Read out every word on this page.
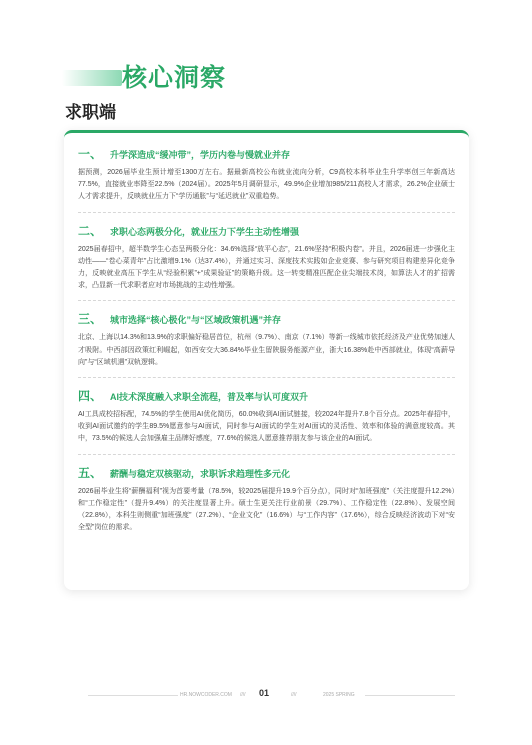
核心洞察
求职端
一、 升学深造成“缓冲带”，学历内卷与慢就业并存
据预测，2026届毕业生预计增至1300万左右。据最新高校公布就业流向分析，C9高校本科毕业生升学率创三年新高达77.5%，直接就业率降至22.5%（2024届）。2025年5月调研显示，49.9%企业增加985/211高校人才需求，26.2%企业硕士人才需求提升，反映就业压力下“学历通胀”与“延迟就业”双重趋势。
二、 求职心态两极分化，就业压力下学生主动性增强
2025届春招中，超半数学生心态呈两极分化：34.6%选择“放平心态”，21.6%坚持“积极内卷”。并且，2026届进一步强化主动性——“卷心菜青年”占比激增9.1%（达37.4%），并通过实习、深度技术实践如企业竞赛、参与研究项目构建差异化竞争力，反映就业高压下学生从“经验积累”+“成果验证”的策略升级。这一转变精准匹配企业尖端技术岗，如算法人才的扩招需求，凸显新一代求职者应对市场挑战的主动性增强。
三、 城市选择“核心极化”与“区域政策机遇”并存
北京、上海以14.3%和13.9%的求职偏好稳居首位，杭州（9.7%）、南京（7.1%）等新一线城市依托经济及产业优势加速人才吸附。中西部因政策红利崛起，如西安交大36.84%毕业生留陕服务能源产业，浙大16.38%赴中西部就业，体现“高薪导向”与“区域机遇”双轨逻辑。
四、 AI技术深度融入求职全流程，普及率与认可度双升
AI工具成校招标配，74.5%的学生使用AI优化简历，60.0%收到AI面试链接，较2024年提升7.8个百分点。2025年春招中，收到AI面试邀约的学生89.5%愿意参与AI面试，同时参与AI面试的学生对AI面试的灵活性、效率和体验的满意度较高。其中，73.5%的候选人会加强雇主品牌好感度，77.6%的候选人愿意推荐朋友参与该企业的AI面试。
五、 薪酬与稳定双核驱动，求职诉求趋理性多元化
2026届毕业生将“薪酬福利”视为首要考量（78.5%，较2025届提升19.9个百分点），同时对“加班强度”（关注度提升12.2%）和“工作稳定性”（提升9.4%）的关注度显著上升。硕士生更关注行业前景（29.7%）、工作稳定性（22.8%）、发展空间（22.8%），本科生则侧重“加班强度”（27.2%）、“企业文化”（16.6%）与“工作内容”（17.6%），综合反映经济波动下对“安全型”岗位的需求。
HR.NOWCODER.COM //// 01	////	2025 SPRING
